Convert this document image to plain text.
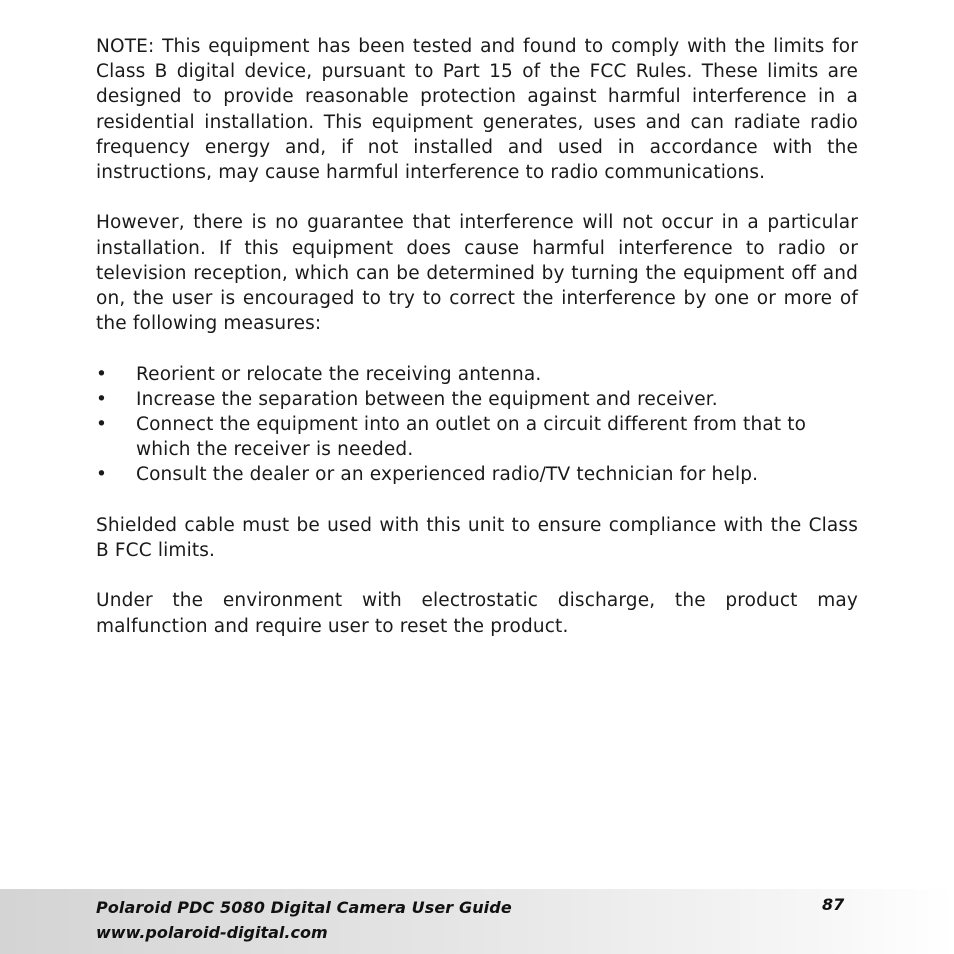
NOTE: This equipment has been tested and found to comply with the limits for Class B digital device, pursuant to Part 15 of the FCC Rules. These limits are designed to provide reasonable protection against harmful interference in a residential installation. This equipment generates, uses and can radiate radio frequency energy and, if not installed and used in accordance with the instructions, may cause harmful interference to radio communications.

However, there is no guarantee that interference will not occur in a particular installation. If this equipment does cause harmful interference to radio or television reception, which can be determined by turning the equipment off and on, the user is encouraged to try to correct the interference by one or more of the following measures:

• Reorient or relocate the receiving antenna.
• Increase the separation between the equipment and receiver.
• Connect the equipment into an outlet on a circuit different from that to which the receiver is needed.
• Consult the dealer or an experienced radio/TV technician for help.

Shielded cable must be used with this unit to ensure compliance with the Class B FCC limits.

Under the environment with electrostatic discharge, the product may malfunction and require user to reset the product.

Polaroid PDC 5080 Digital Camera User Guide
www.polaroid-digital.com
87
